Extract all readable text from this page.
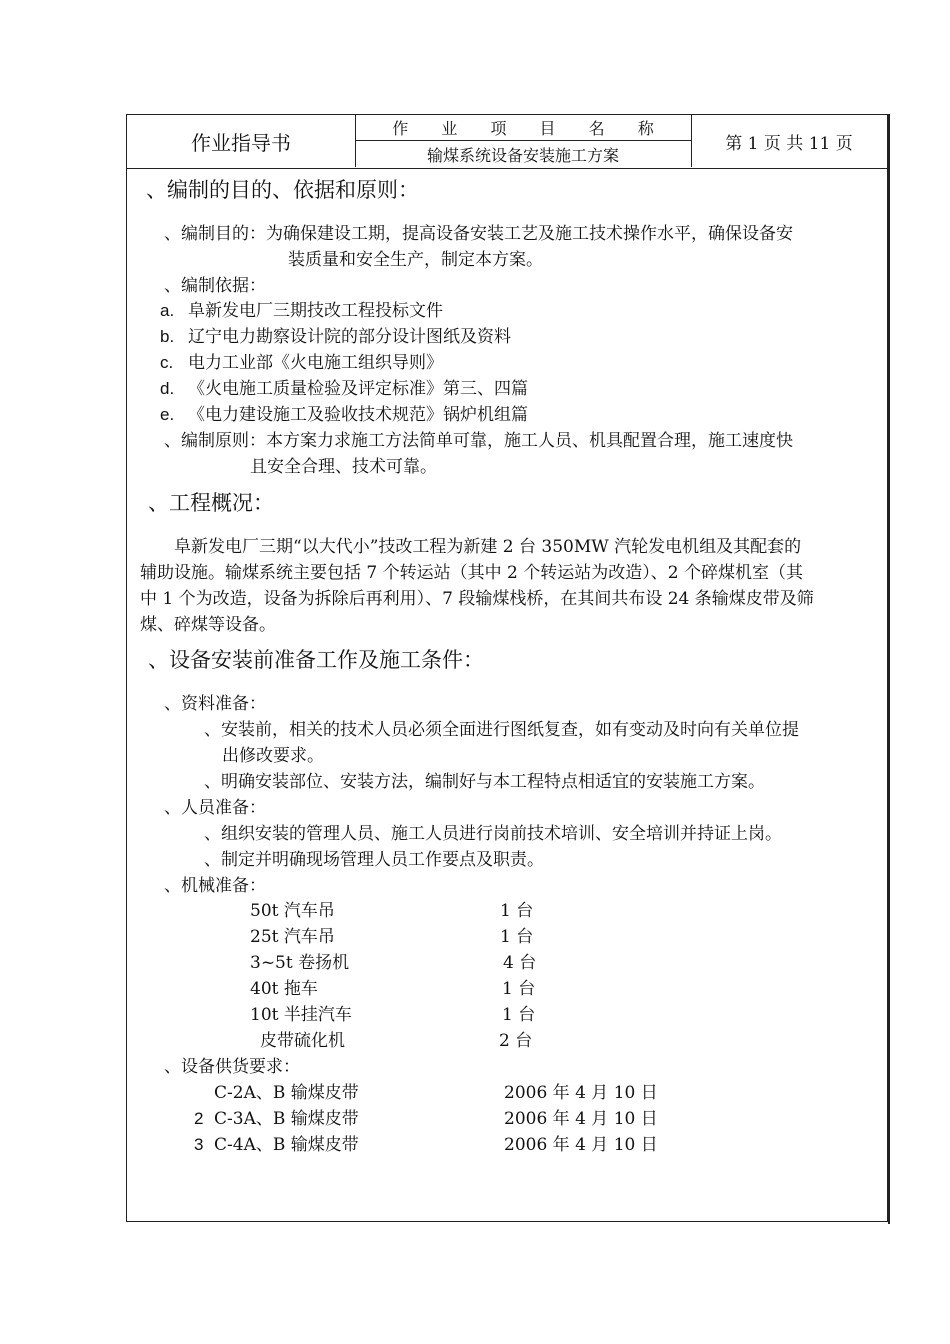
作业指导书
作 业 项 目 名 称
输煤系统设备安装施工方案
第 1 页 共 11 页
、编制的目的、依据和原则：
、编制目的：为确保建设工期，提高设备安装工艺及施工技术操作水平，确保设备安
装质量和安全生产，制定本方案。
、编制依据：
a. 阜新发电厂三期技改工程投标文件
b. 辽宁电力勘察设计院的部分设计图纸及资料
c. 电力工业部《火电施工组织导则》
d. 《火电施工质量检验及评定标准》第三、四篇
e. 《电力建设施工及验收技术规范》锅炉机组篇
、编制原则：本方案力求施工方法简单可靠，施工人员、机具配置合理，施工速度快
且安全合理、技术可靠。
、工程概况：
阜新发电厂三期“以大代小”技改工程为新建 2 台 350MW 汽轮发电机组及其配套的
辅助设施。输煤系统主要包括 7 个转运站（其中 2 个转运站为改造）、2 个碎煤机室（其
中 1 个为改造，设备为拆除后再利用）、7 段输煤栈桥，在其间共布设 24 条输煤皮带及筛
煤、碎煤等设备。
、设备安装前准备工作及施工条件：
、资料准备：
、安装前，相关的技术人员必须全面进行图纸复查，如有变动及时向有关单位提
出修改要求。
、明确安装部位、安装方法，编制好与本工程特点相适宜的安装施工方案。
、人员准备：
、组织安装的管理人员、施工人员进行岗前技术培训、安全培训并持证上岗。
、制定并明确现场管理人员工作要点及职责。
、机械准备：
50t 汽车吊	1 台
25t 汽车吊	1 台
3~5t 卷扬机	4 台
40t 拖车	1 台
10t 半挂汽车	1 台
皮带硫化机	2 台
、设备供货要求：
C-2A、B 输煤皮带	2006 年 4 月 10 日
2 C-3A、B 输煤皮带	2006 年 4 月 10 日
3 C-4A、B 输煤皮带	2006 年 4 月 10 日
